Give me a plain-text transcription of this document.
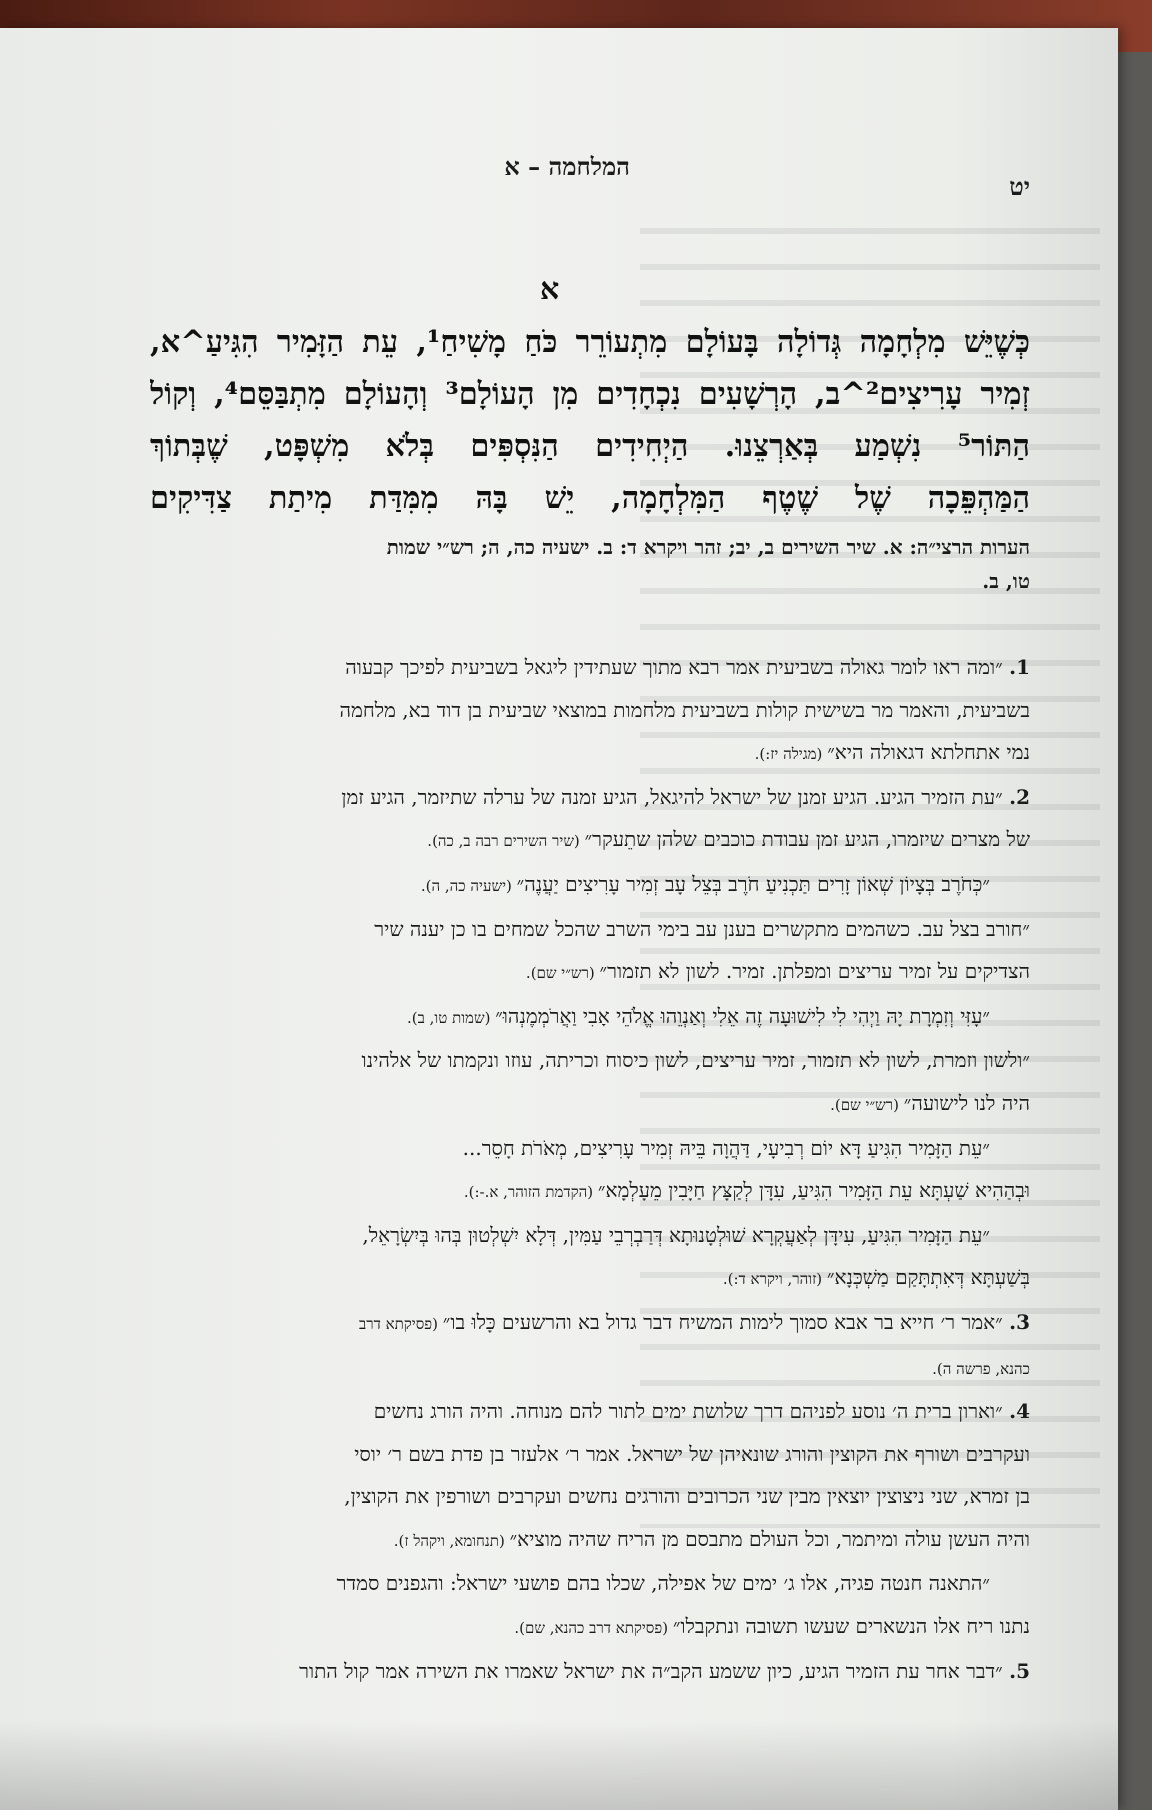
יט
המלחמה – א
א
כְּשֶׁיֵּשׁ מִלְחָמָה גְּדוֹלָה בָּעוֹלָם מִתְעוֹרֵר כֹּחַ מָשִׁיחַ¹, עֵת הַזָּמִיר הִגִּיעַ^א,
זְמִיר עָרִיצִים²^ב, הָרְשָׁעִים נִכְחָדִים מִן הָעוֹלָם³ וְהָעוֹלָם מִתְבַּסֵּם⁴, וְקוֹל
הַתּוֹר⁵ נִשְׁמַע בְּאַרְצֵנוּ. הַיְחִידִים הַנִּסְפִּים בְּלֹא מִשְׁפָּט, שֶׁבְּתוֹךְ
הַמַּהְפֵּכָה שֶׁל שֶׁטֶף הַמִּלְחָמָה, יֵשׁ בָּהּ מִמִּדַּת מִיתַת צַדִּיקִים
הערות הרצי״ה: א. שיר השירים ב, יב; זהר ויקרא ד: ב. ישעיה כה, ה; רש״י שמות
טו, ב.
1. ״ומה ראו לומר גאולה בשביעית אמר רבא מתוך שעתידין ליגאל בשביעית לפיכך קבעוה
בשביעית, והאמר מר בשישית קולות בשביעית מלחמות במוצאי שביעית בן דוד בא, מלחמה
נמי אתחלתא דגאולה היא״ (מגילה יז:).
2. ״עת הזמיר הגיע. הגיע זמנן של ישראל להיגאל, הגיע זמנה של ערלה שתיזמר, הגיע זמן
של מצרים שיזמרו, הגיע זמן עבודת כוכבים שלהן שתֵעקר״ (שיר השירים רבה ב, כה).
״כְּחֹרֶב בְּצָיוֹן שְׁאוֹן זָרִים תַּכְנִיעַ חֹרֶב בְּצֵל עָב זְמִיר עָרִיצִים יַעֲנֶה״ (ישעיה כה, ה).
״חורב בצל עב. כשהמים מתקשרים בענן עב בימי השרב שהכל שמחים בו כן יענה שיר
הצדיקים על זמיר עריצים ומפלתן. זמיר. לשון לא תזמור״ (רש״י שם).
״עָזִּי וְזִמְרָת יָהּ וַיְהִי לִי לִישׁוּעָה זֶה אֵלִי וְאַנְוֵהוּ אֱלֹהֵי אָבִי וַאֲרֹמְמֶנְהוּ״ (שמות טו, ב).
״ולשון וזמרת, לשון לא תזמור, זמיר עריצים, לשון כיסוח וכריתה, עוזו ונקמתו של אלהינו
היה לנו לישועה״ (רש״י שם).
״עֵת הַזָּמִיר הִגִּיעַ דָּא יוֹם רְבִיעָי, דַּהֲוָה בֵּיהּ זְמִיר עָרִיצִים, מְאֹרֹת חָסֵר...
וּבְהַהִיא שַׁעְתָּא עֵת הַזָּמִיר הִגִּיעַ, עִדָּן לְקַצָּץ חַיָּבִין מֵעָלְמָא״ (הקדמת הזוהר, א.-:).
״עֵת הַזָּמִיר הִגִּיעַ, עִידָּן לְאַעֲקְרָא שׁוּלְטָנוּתָא דְּרַבְרְבֵי עַמִּין, דְּלָא יִשְׁלְטוּן בְּהוּ בְּיִשְׂרָאֵל,
בְּשַׁעְתָּא דְּאִתְתָּקַם מַשְׁכְּנָא״ (זוהר, ויקרא ד:).
3. ״אמר ר׳ חייא בר אבא סמוך לימות המשיח דבר גדול בא והרשעים כָּלוּ בו״ (פסיקתא דרב
כהנא, פרשה ה).
4. ״וארון ברית ה׳ נוסע לפניהם דרך שלושת ימים לתור להם מנוחה. והיה הורג נחשים
ועקרבים ושורף את הקוצין והורג שונאיהן של ישראל. אמר ר׳ אלעזר בן פדת בשם ר׳ יוסי
בן זמרא, שני ניצוצין יוצאין מבין שני הכרובים והורגים נחשים ועקרבים ושורפין את הקוצין,
והיה העשן עולה ומיתמר, וכל העולם מתבסם מן הריח שהיה מוציא״ (תנחומא, ויקהל ז).
״התאנה חנטה פגיה, אלו ג׳ ימים של אפילה, שכלו בהם פושעי ישראל: והגפנים סמדר
נתנו ריח אלו הנשארים שעשו תשובה ונתקבלו״ (פסיקתא דרב כהנא, שם).
5. ״דבר אחר עת הזמיר הגיע, כיון ששמע הקב״ה את ישראל שאמרו את השירה אמר קול התור
